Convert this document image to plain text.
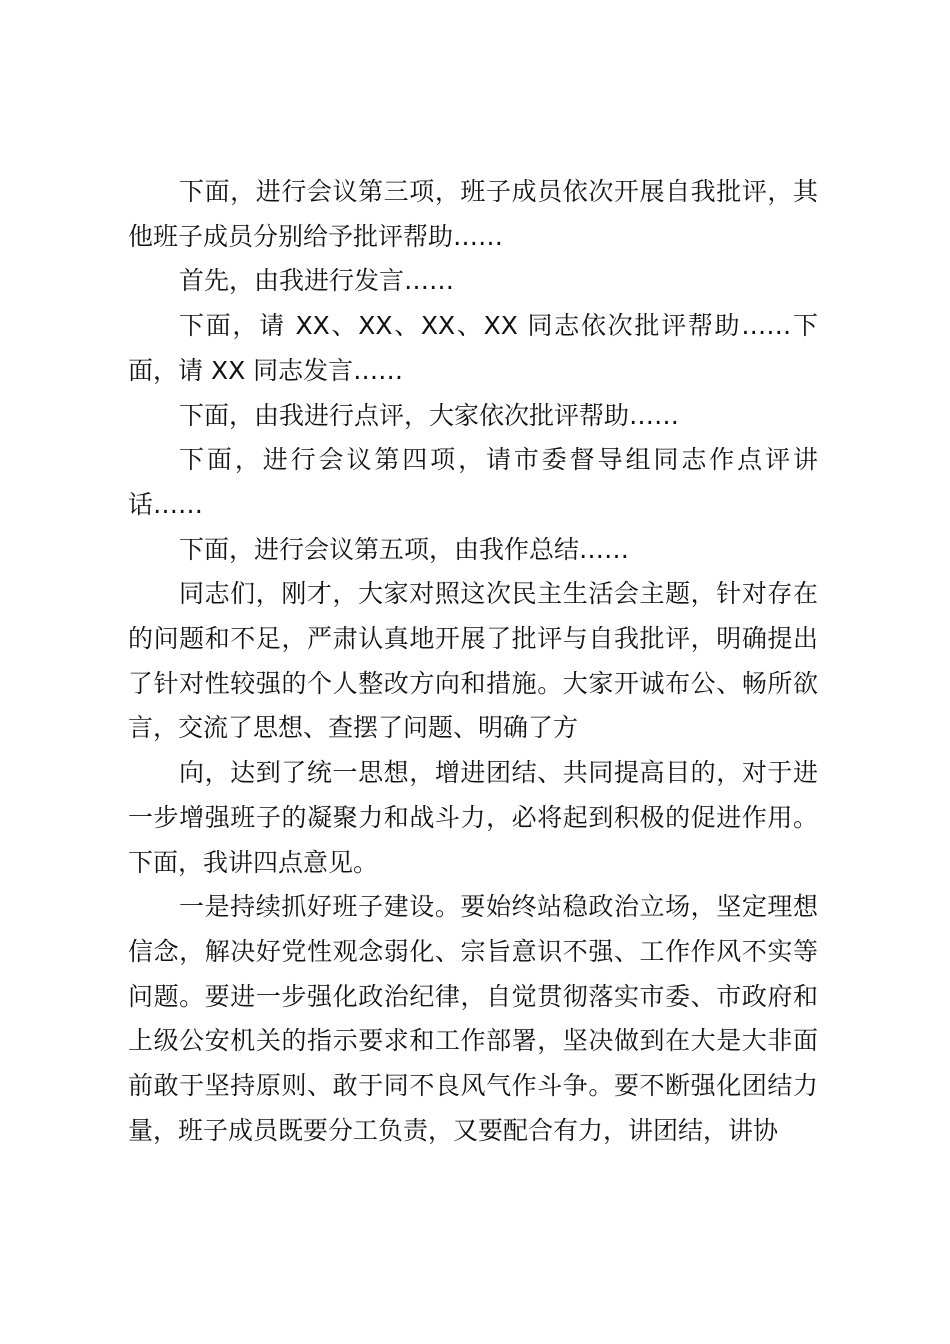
下面，进行会议第三项，班子成员依次开展自我批评，其他班子成员分别给予批评帮助……

首先，由我进行发言……

下面，请 XX、XX、XX、XX 同志依次批评帮助……下面，请 XX 同志发言……

下面，由我进行点评，大家依次批评帮助……

下面，进行会议第四项，请市委督导组同志作点评讲话……

下面，进行会议第五项，由我作总结……

同志们，刚才，大家对照这次民主生活会主题，针对存在的问题和不足，严肃认真地开展了批评与自我批评，明确提出了针对性较强的个人整改方向和措施。大家开诚布公、畅所欲言，交流了思想、查摆了问题、明确了方

向，达到了统一思想，增进团结、共同提高目的，对于进一步增强班子的凝聚力和战斗力，必将起到积极的促进作用。下面，我讲四点意见。

一是持续抓好班子建设。要始终站稳政治立场，坚定理想信念，解决好党性观念弱化、宗旨意识不强、工作作风不实等问题。要进一步强化政治纪律，自觉贯彻落实市委、市政府和上级公安机关的指示要求和工作部署，坚决做到在大是大非面前敢于坚持原则、敢于同不良风气作斗争。要不断强化团结力量，班子成员既要分工负责，又要配合有力，讲团结，讲协
